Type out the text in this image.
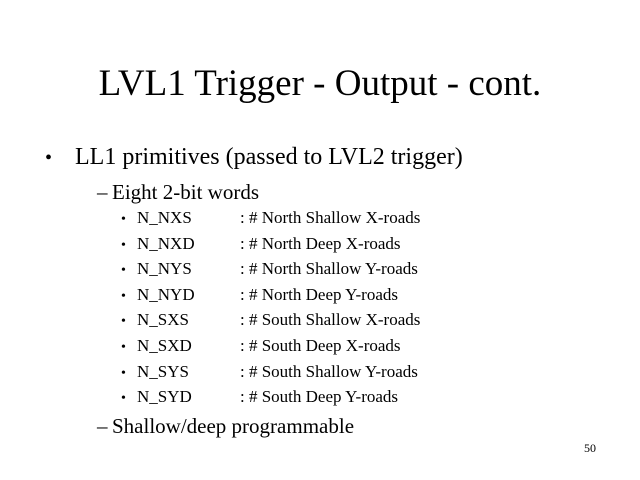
LVL1 Trigger - Output - cont.
• LL1 primitives (passed to LVL2 trigger)
– Eight 2-bit words
• N_NXS	: # North Shallow X-roads
• N_NXD	: # North Deep X-roads
• N_NYS	: # North Shallow Y-roads
• N_NYD	: # North Deep Y-roads
• N_SXS	: # South Shallow X-roads
• N_SXD	: # South Deep X-roads
• N_SYS	: # South Shallow Y-roads
• N_SYD	: # South Deep Y-roads
– Shallow/deep programmable
50
